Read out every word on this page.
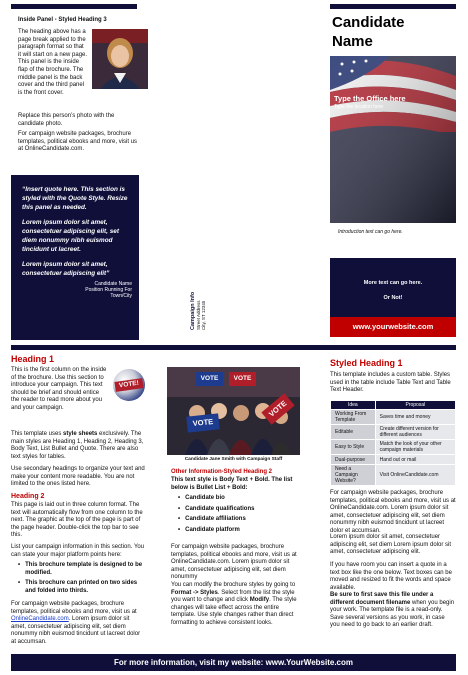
Inside Panel - Styled Heading 3
The heading above has a page break applied to the paragraph format so that it will start on a new page. This panel is the inside flap of the brochure. The middle panel is the back cover and the third panel is the front cover.
Replace this person’s photo with the candidate photo.
For campaign website packages, brochure templates, political ebooks and more, visit us at OnlineCandidate.com.
“Insert quote here. This section is styled with the Quote Style. Resize this panel as needed.
Lorem ipsum dolor sit amet, consectetuer adipiscing elit, set diem nonummy nibh euismod tincidunt ut lacreet.
Lorem ipsum dolor sit amet, consectetuer adipiscing elit”
Candidate Name
Position Running For
Town/City	Campaign Info Street Address City, ST 12345
Candidate
Name
Type the Office here
Type the location here
Introduction text can go here.
More text can go here.
Or Not!
www.yourwebsite.com
Heading 1
VOTE!
This is the first column on the inside of the brochure. Use this section to introduce your campaign. This text should be brief and should entice the reader to read more about you and your campaign.
This template uses style sheets exclusively. The main styles are Heading 1, Heading 2, Heading 3, Body Text, List Bullet and Quote. There are also text styles for tables.
Use secondary headings to organize your text and make your content more readable. You are not limited to the ones listed here.
Heading 2
This page is laid out in three column format. The text will automatically flow from one column to the next. The graphic at the top of the page is part of the page header. Double-click the top bar to see this.
List your campaign information in this section. You can state your major platform points here:
• This brochure template is designed to be modified.
• This brochure can printed on two sides and folded into thirds.
For campaign website packages, brochure templates, political ebooks and more, visit us at OnlineCandidate.com. Lorem ipsum dolor sit amet, consectetuer adipiscing elit, set diem nonummy nibh euismod tincidunt ut lacreet dolor at accumsan.
VOTE	VOTE
VOTE
VOTE
Candidate Jane Smith with Campaign Staff
Other Information-Styled Heading 2
This text style is Body Text + Bold. The list below is Bullet List + Bold:
• Candidate bio
• Candidate qualifications
• Candidate affiliations
• Candidate platform
For campaign website packages, brochure templates, political ebooks and more, visit us at OnlineCandidate.com. Lorem ipsum dolor sit amet, consectetuer adipiscing elit, set diem nonummy
You can modify the brochure styles by going to Format -> Styles. Select from the list the style you want to change and click Modify. The style changes will take effect across the entire template. Use style changes rather than direct formatting to achieve consistent looks.
Styled Heading 1
This template includes a custom table. Styles used in the table include Table Text and Table Text Header.
Idea	Proposal
Working From Template	Saves time and money
Editable	Create different version for different audiences
Easy to Style	Match the look of your other campaign materials
Dual-purpose	Hand out or mail
Need a Campaign Website?	Visit OnlineCandidate.com
For campaign website packages, brochure templates, political ebooks and more, visit us at OnlineCandidate.com. Lorem ipsum dolor sit amet, consectetuer adipiscing elit, set diem nonummy nibh euismod tincidunt ut lacreet dolor et accumsan.
Lorem ipsum dolor sit amet, consectetuer adipiscing elit, set diem Lorem ipsum dolor sit amet, consectetuer adipiscing elit.
If you have room you can insert a quote in a text box like the one below. Text boxes can be moved and resized to fit the words and space available.
Be sure to first save this file under a different document filename when you begin your work. The template file is a read-only. Save several versions as you work, in case you need to go back to an earlier draft.
For more information, visit my website: www.YourWebsite.com
